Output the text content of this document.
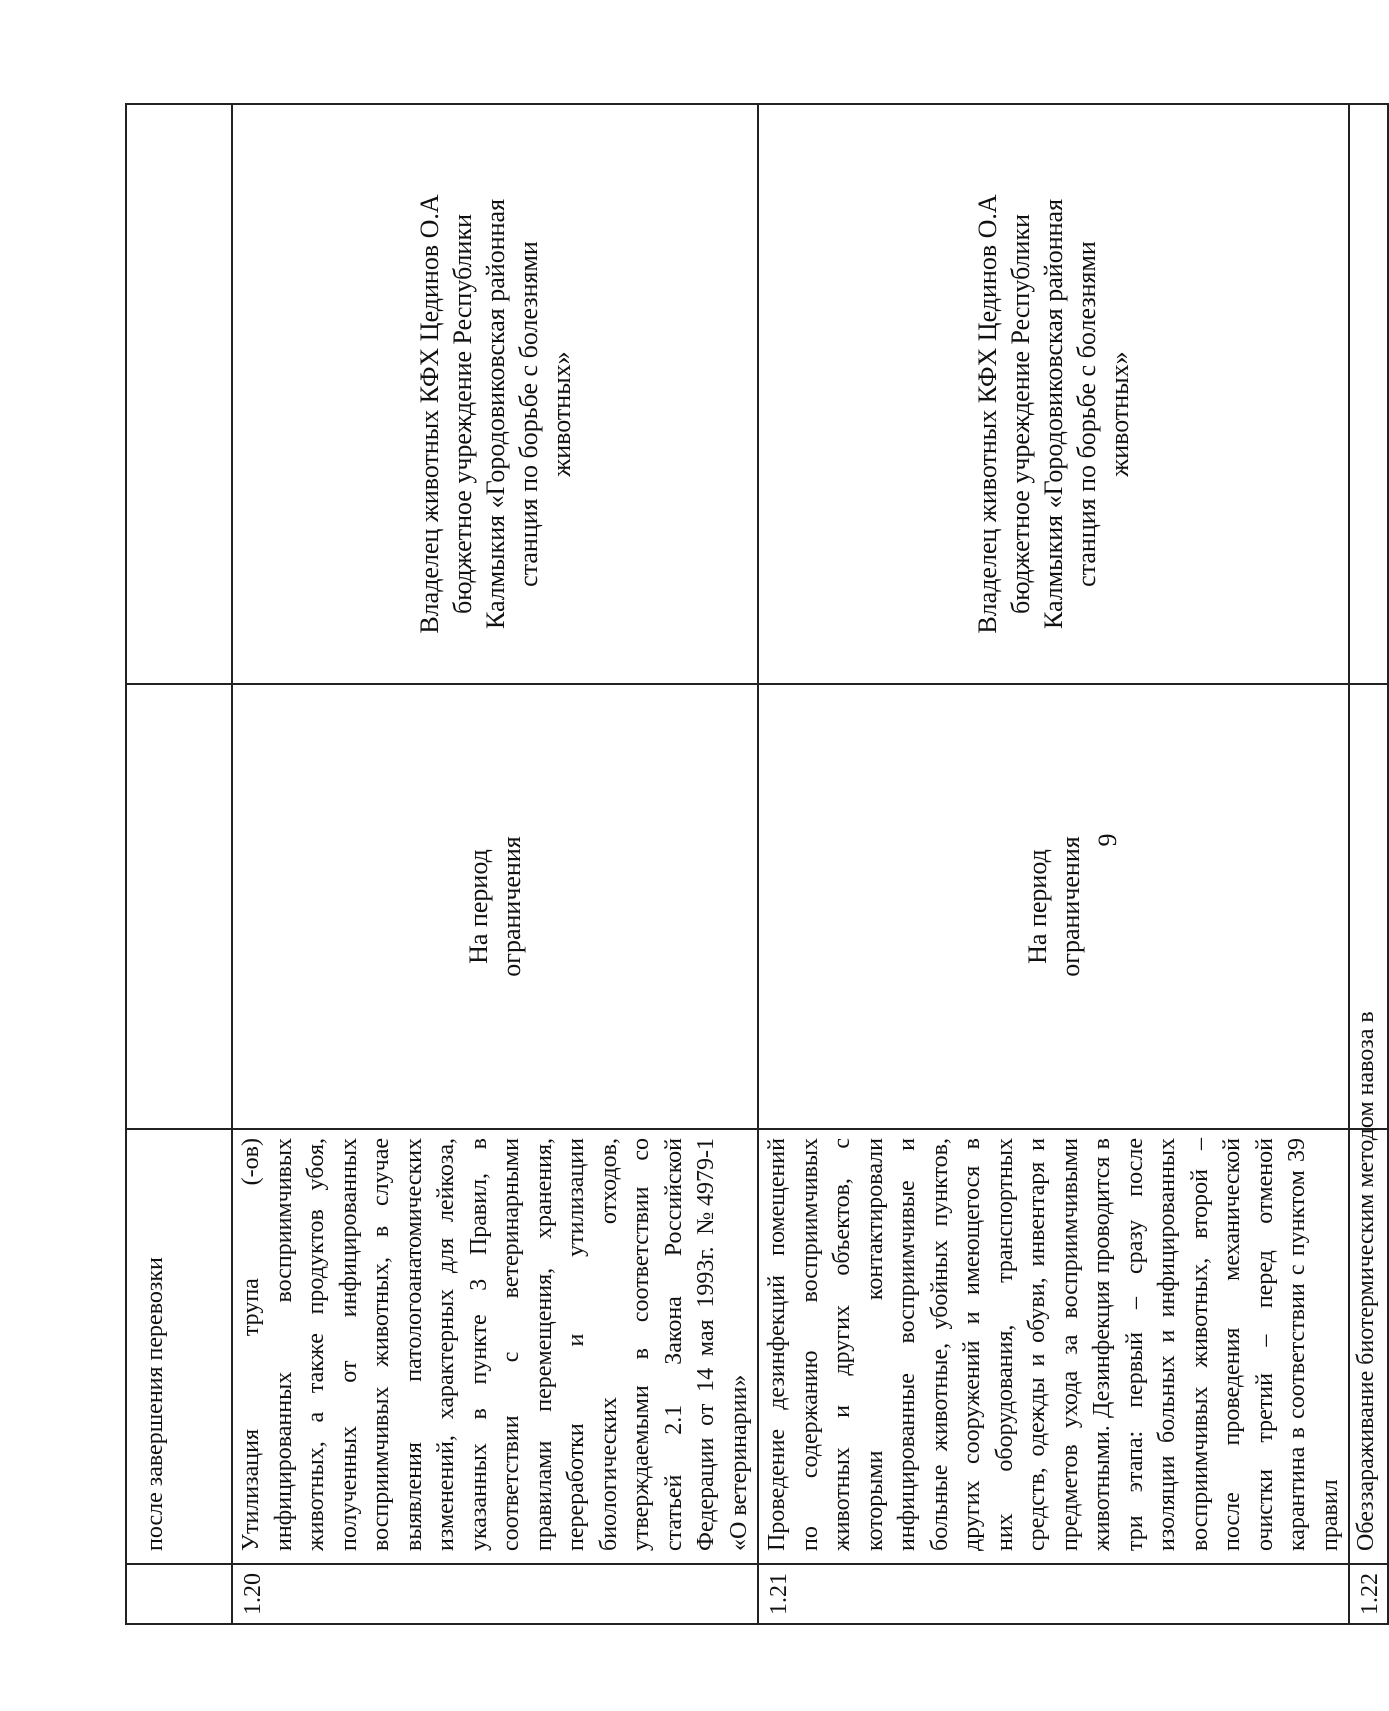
	после завершения перевозки		
1.20	Утилизация трупа (-ов) инфицированных восприимчивых животных, а также продуктов убоя, полученных от инфицированных восприимчивых животных, в случае выявления патологоанатомических изменений, характерных для лейкоза, указанных в пункте 3 Правил, в соответствии с ветеринарными правилами перемещения, хранения, переработки и утилизации биологических отходов, утверждаемыми в соответствии со статьей 2.1 Закона Российской Федерации от 14 мая 1993г. №4979-1 «О ветеринарии»	На период ограничения	Владелец животных КФХ Цединов О.А бюджетное учреждение Республики Калмыкия «Городовиковская районная станция по борьбе с болезнями животных»
1.21	Проведение дезинфекций помещений по содержанию восприимчивых животных и других объектов, с которыми контактировали инфицированные восприимчивые и больные животные, убойных пунктов, других сооружений и имеющегося в них оборудования, транспортных средств, одежды и обуви, инвентаря и предметов ухода за восприимчивыми животными. Дезинфекция проводится в три этапа: первый – сразу после изоляции больных и инфицированных восприимчивых животных, второй – после проведения механической очистки третий – перед отменой карантина в соответствии с пунктом 39 правил	На период ограничения	Владелец животных КФХ Цединов О.А бюджетное учреждение Республики Калмыкия «Городовиковская районная станция по борьбе с болезнями животных»
1.22	Обеззараживание биотермическим методом навоза в		
9
